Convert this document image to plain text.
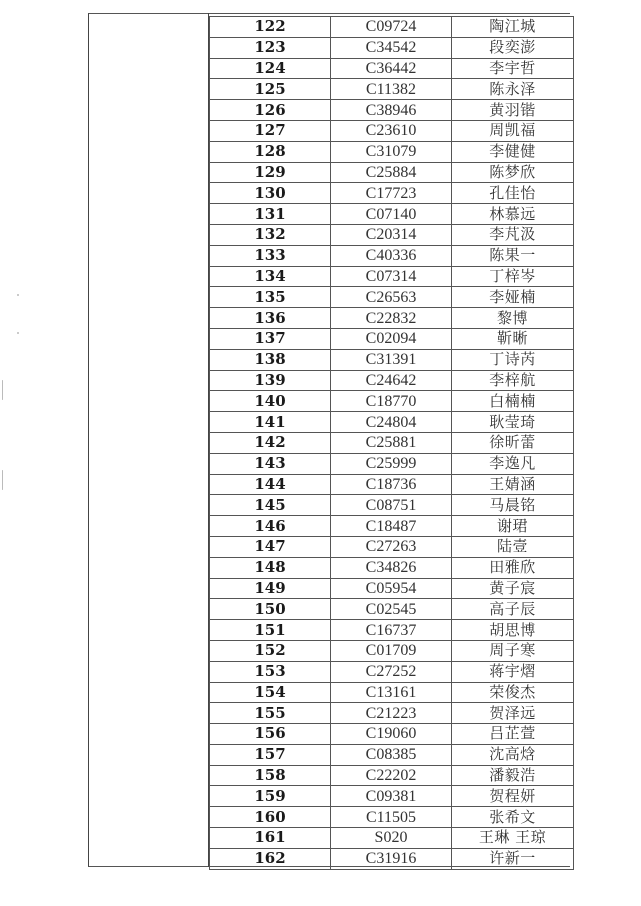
122	C09724	陶江城
123	C34542	段奕澎
124	C36442	李宇哲
125	C11382	陈永泽
126	C38946	黄羽锴
127	C23610	周凯福
128	C31079	李健健
129	C25884	陈梦欣
130	C17723	孔佳怡
131	C07140	林慕远
132	C20314	李芃汲
133	C40336	陈果一
134	C07314	丁梓岑
135	C26563	李娅楠
136	C22832	黎博
137	C02094	靳晰
138	C31391	丁诗芮
139	C24642	李梓航
140	C18770	白楠楠
141	C24804	耿莹琦
142	C25881	徐昕蕾
143	C25999	李逸凡
144	C18736	王婧涵
145	C08751	马晨铭
146	C18487	谢珺
147	C27263	陆壹
148	C34826	田雅欣
149	C05954	黄子宸
150	C02545	高子辰
151	C16737	胡思博
152	C01709	周子寒
153	C27252	蒋宇熠
154	C13161	荣俊杰
155	C21223	贺泽远
156	C19060	吕芷萱
157	C08385	沈高焓
158	C22202	潘毅浩
159	C09381	贺程妍
160	C11505	张希文
161	S020	王琳 王琼
162	C31916	许新一
